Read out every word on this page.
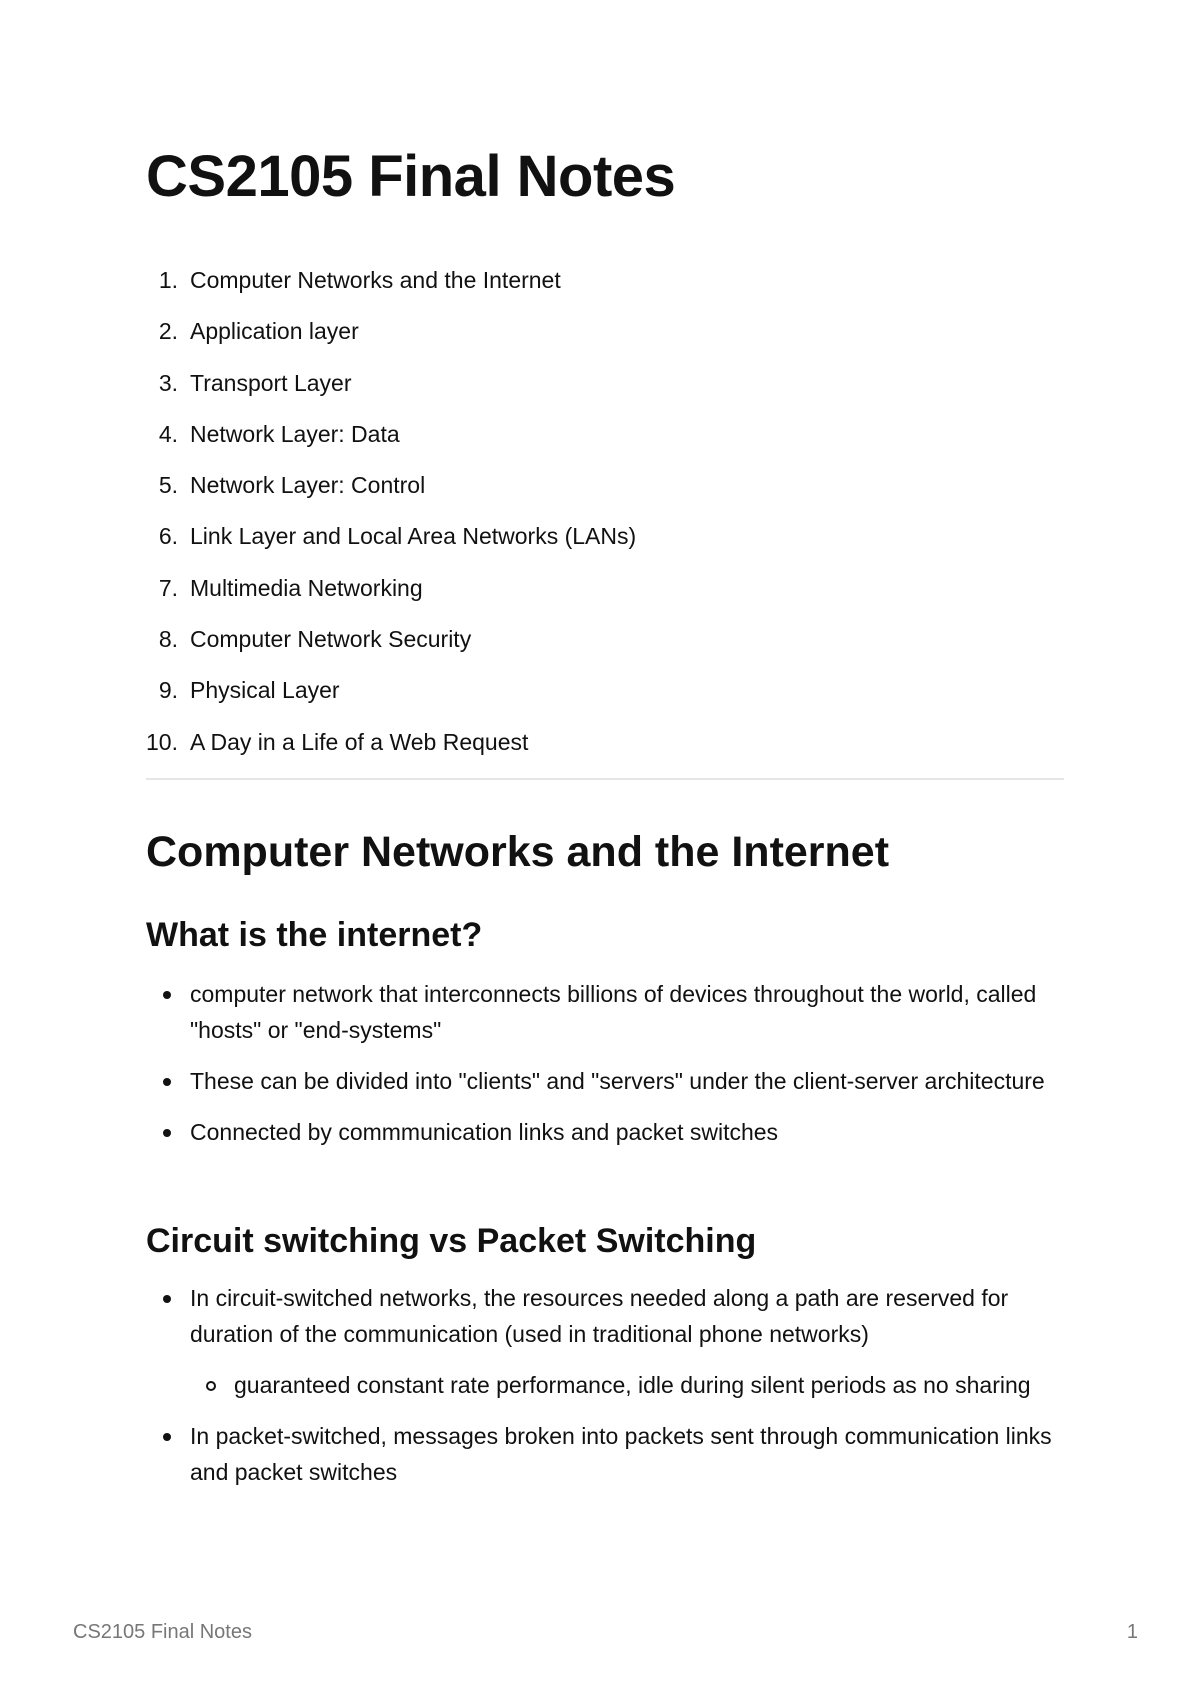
CS2105 Final Notes
1. Computer Networks and the Internet
2. Application layer
3. Transport Layer
4. Network Layer: Data
5. Network Layer: Control
6. Link Layer and Local Area Networks (LANs)
7. Multimedia Networking
8. Computer Network Security
9. Physical Layer
10. A Day in a Life of a Web Request
Computer Networks and the Internet
What is the internet?
computer network that interconnects billions of devices throughout the world, called "hosts" or "end-systems"
These can be divided into "clients" and "servers" under the client-server architecture
Connected by commmunication links and packet switches
Circuit switching vs Packet Switching
In circuit-switched networks, the resources needed along a path are reserved for duration of the communication (used in traditional phone networks)
guaranteed constant rate performance, idle during silent periods as no sharing
In packet-switched, messages broken into packets sent through communication links and packet switches
CS2105 Final Notes	1
